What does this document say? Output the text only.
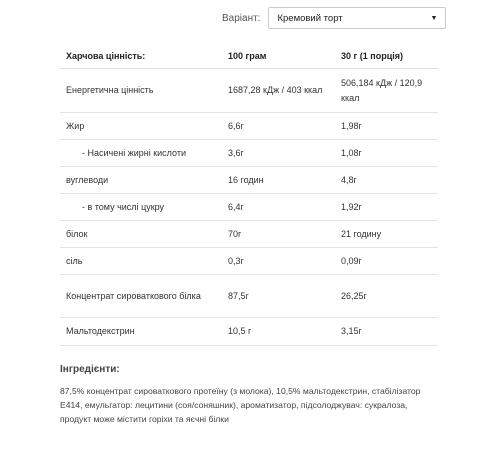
Варіант: Кремовий торт	▼
Харчова цінність:	100 грам	30 г (1 порція)
Енергетична цінність	1687,28 кДж / 403 ккал	506,184 кДж / 120,9 ккал
Жир	6,6г	1,98г
- Насичені жирні кислоти	3,6г	1,08г
вуглеводи	16 годин	4,8г
- в тому числі цукру	6,4г	1,92г
білок	70г	21 годину
сіль	0,3г	0,09г
Концентрат сироваткового білка	87,5г	26,25г
Мальтодекстрин	10,5 г	3,15г
Інгредієнти:
87,5% концентрат сироваткового протеїну (з молока), 10,5% мальтодекстрин, стабілізатор Е414, емульгатор: лецитини (соя/соняшник), ароматизатор, підсолоджувач: сукралоза, продукт може містити горіхи та яєчні білки
